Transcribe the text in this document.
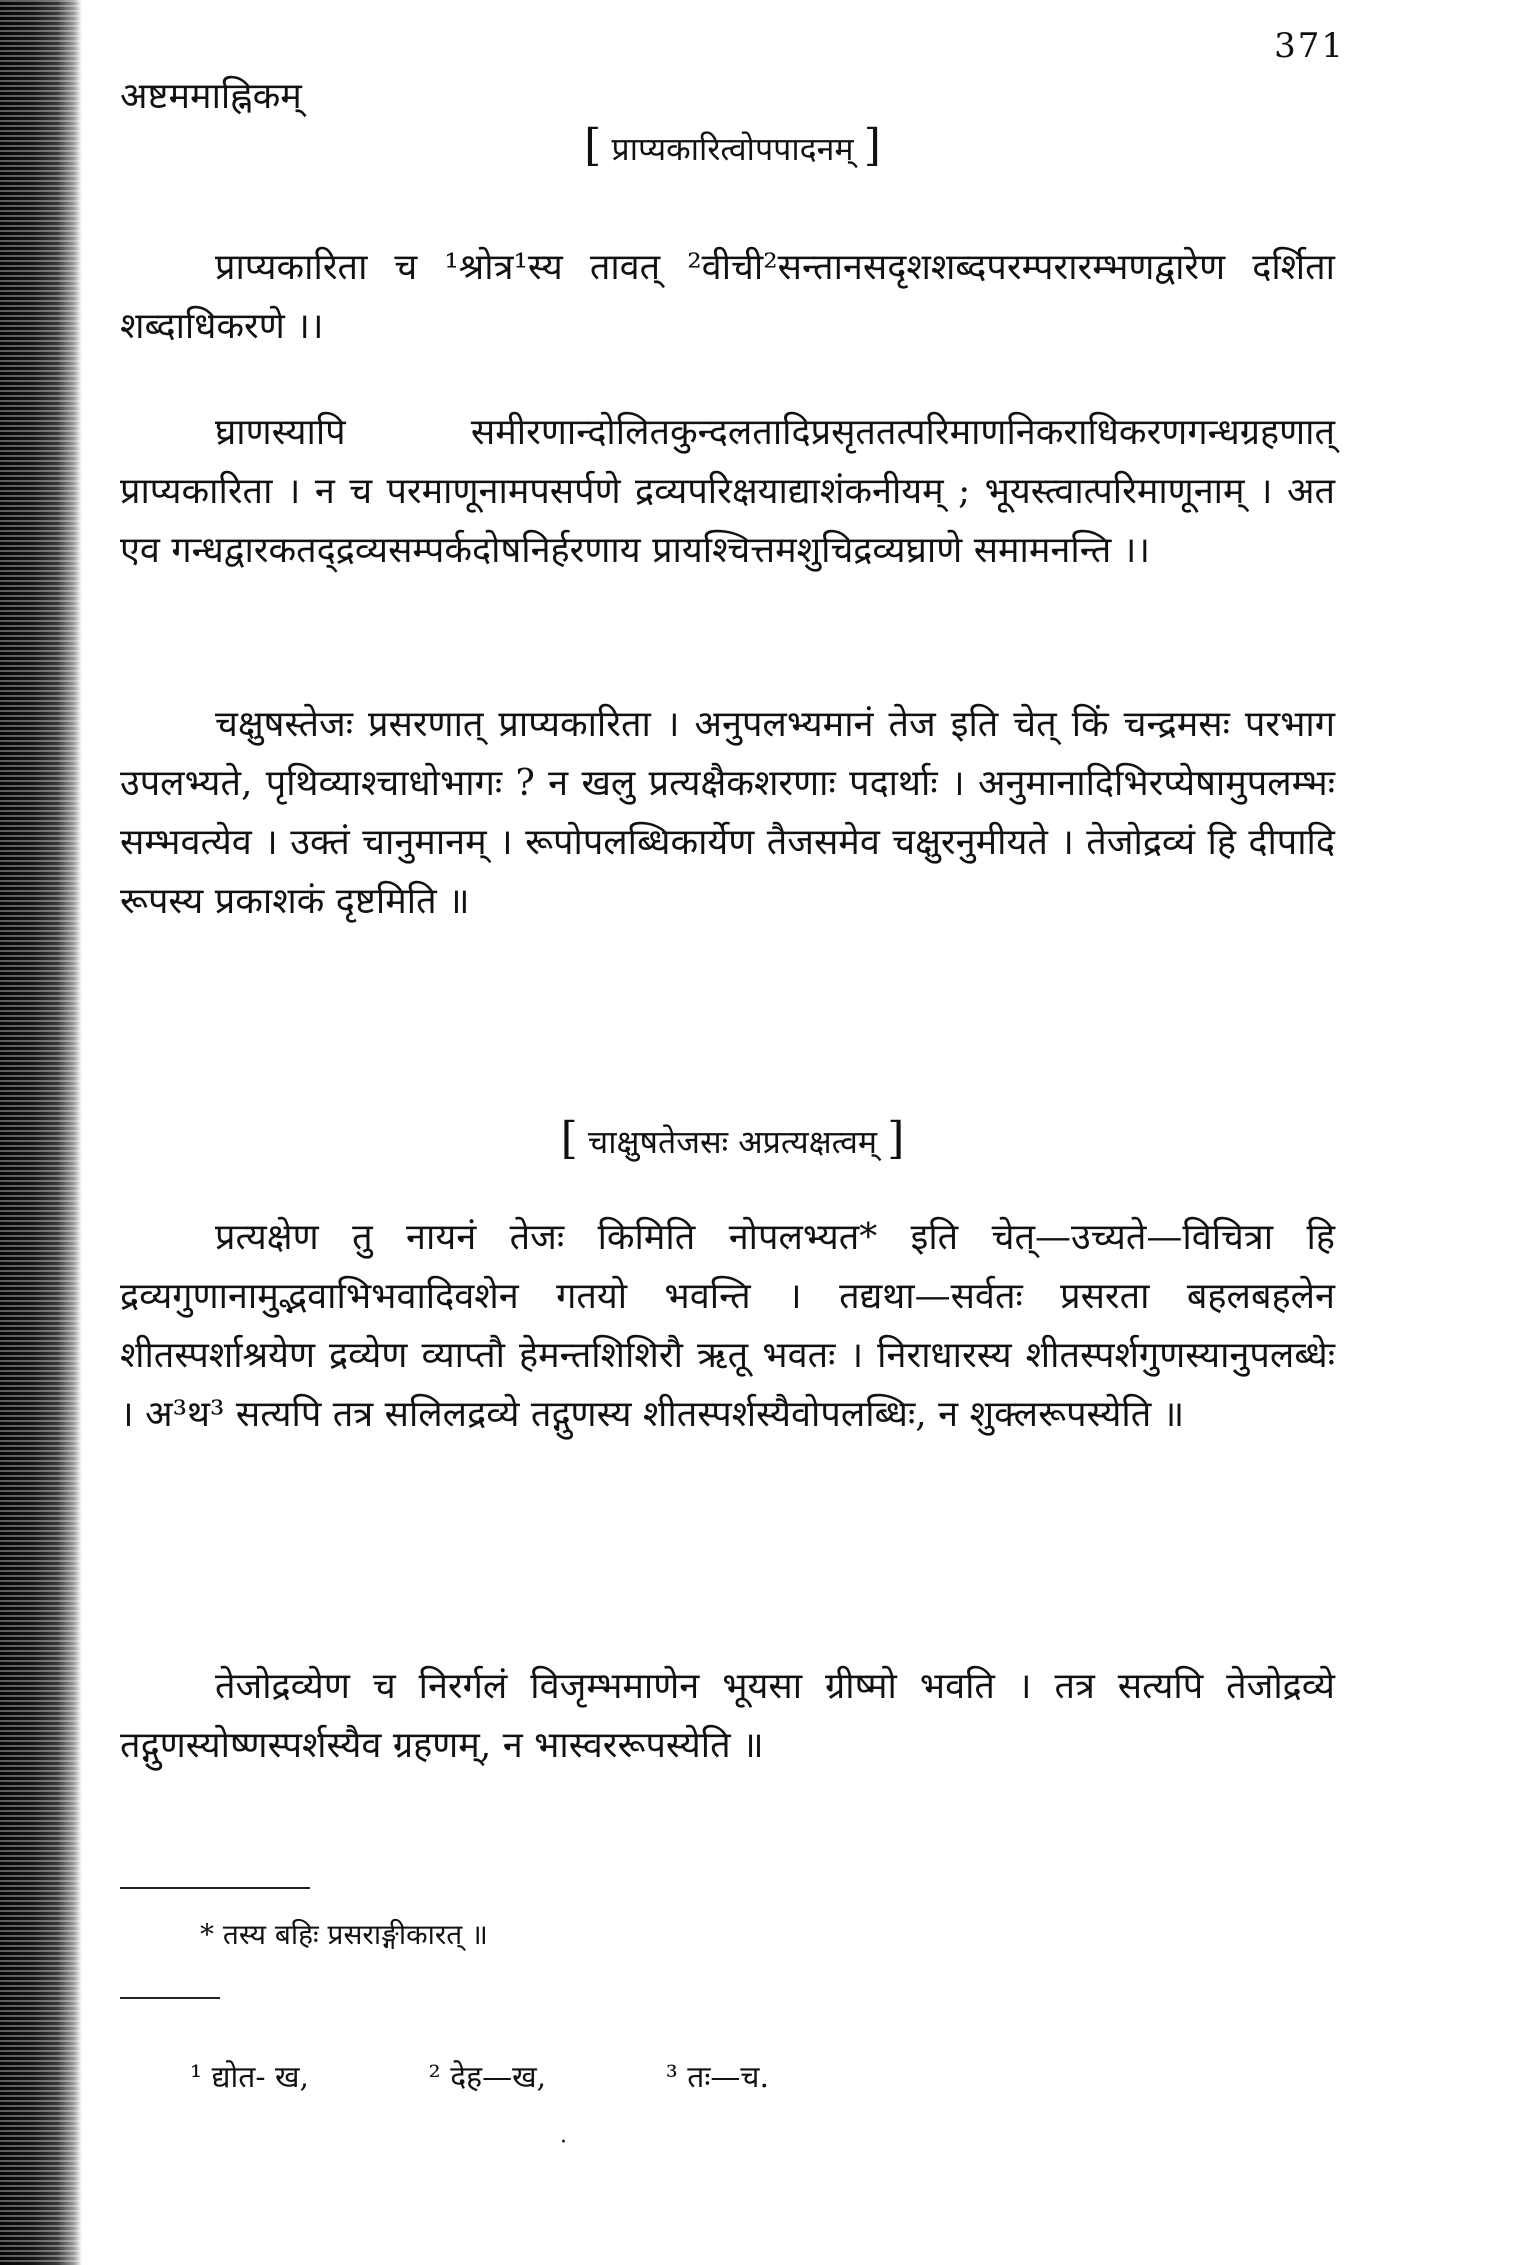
371
अष्टममाह्निकम्
[ प्राप्यकारित्वोपपादनम् ]

प्राप्यकारिता च ¹श्रोत्र¹स्य तावत् ²वीची²सन्तानसदृशशब्दपरम्परारम्भणद्वारेण दर्शिता शब्दाधिकरणे ।।

घ्राणस्यापि समीरणान्दोलितकुन्दलतादिप्रसृततत्परिमाणनिकराधिकरणगन्धग्रहणात् प्राप्यकारिता । न च परमाणूनामपसर्पणे द्रव्यपरिक्षयाद्याशंकनीयम् ; भूयस्त्वात्परिमाणूनाम् । अत एव गन्धद्वारकतद्द्रव्यसम्पर्कदोषनिर्हरणाय प्रायश्चित्तमशुचिद्रव्यघ्राणे समामनन्ति ।।

चक्षुषस्तेजः प्रसरणात् प्राप्यकारिता । अनुपलभ्यमानं तेज इति चेत् किं चन्द्रमसः परभाग उपलभ्यते, पृथिव्याश्चाधोभागः ? न खलु प्रत्यक्षैकशरणाः पदार्थाः । अनुमानादिभिरप्येषामुपलम्भः सम्भवत्येव । उक्तं चानुमानम् । रूपोपलब्धिकार्येण तैजसमेव चक्षुरनुमीयते । तेजोद्रव्यं हि दीपादि रूपस्य प्रकाशकं दृष्टमिति ॥

[ चाक्षुषतेजसः अप्रत्यक्षत्वम् ]

प्रत्यक्षेण तु नायनं तेजः किमिति नोपलभ्यत* इति चेत्—उच्यते—विचित्रा हि द्रव्यगुणानामुद्भवाभिभवादिवशेन गतयो भवन्ति । तद्यथा—सर्वतः प्रसरता बहलबहलेन शीतस्पर्शाश्रयेण द्रव्येण व्याप्तौ हेमन्तशिशिरौ ऋतू भवतः । निराधारस्य शीतस्पर्शगुणस्यानुपलब्धेः । अ³थ³ सत्यपि तत्र सलिलद्रव्ये तद्गुणस्य शीतस्पर्शस्यैवोपलब्धिः, न शुक्लरूपस्येति ॥

तेजोद्रव्येण च निरर्गलं विजृम्भमाणेन भूयसा ग्रीष्मो भवति । तत्र सत्यपि तेजोद्रव्ये तद्गुणस्योष्णस्पर्शस्यैव ग्रहणम्, न भास्वररूपस्येति ॥

* तस्य बहिः प्रसराङ्गीकारत् ॥
¹ द्योत- ख,	² देह—ख,	³ तः—च.
·
